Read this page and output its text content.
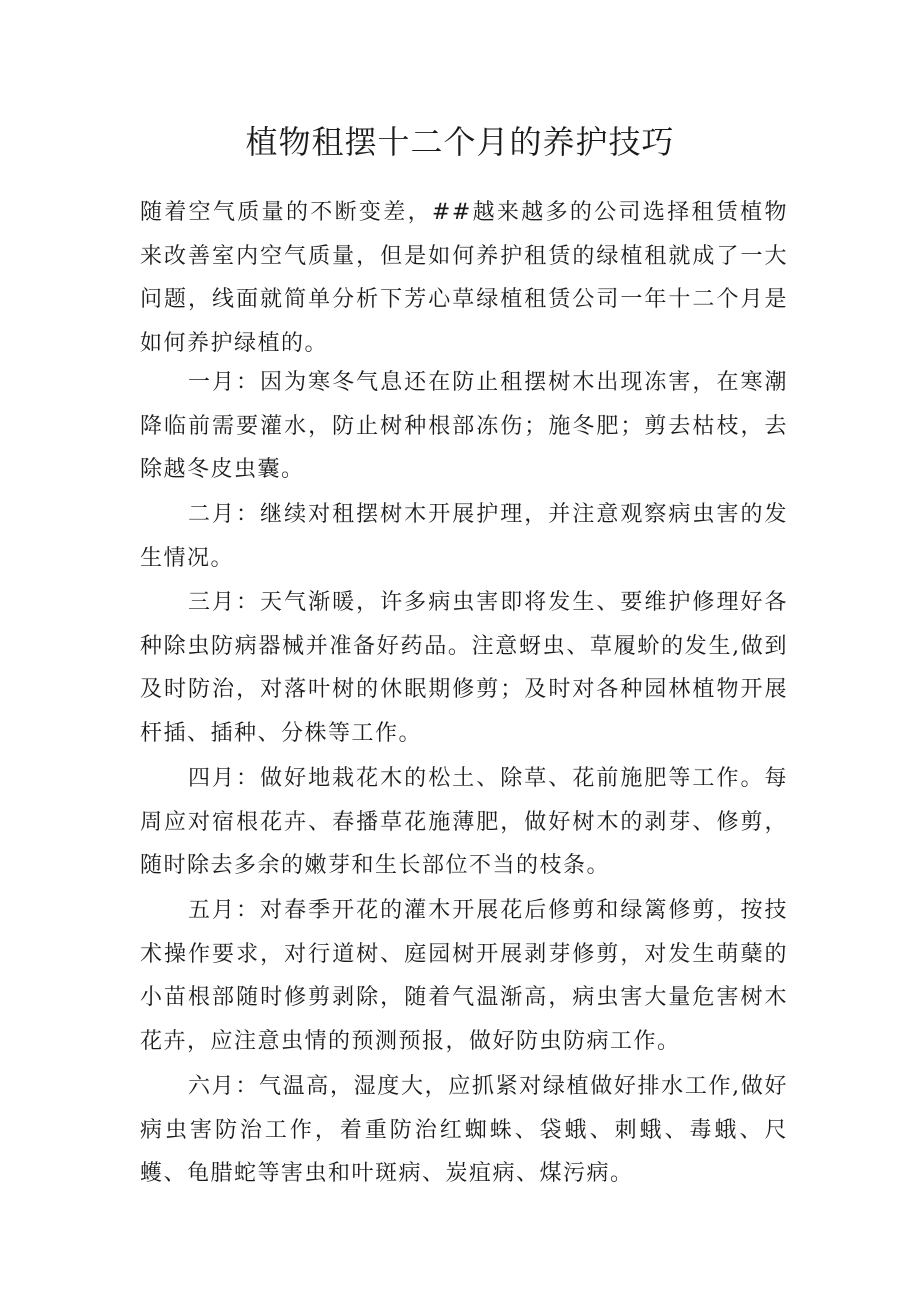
植物租摆十二个月的养护技巧

随着空气质量的不断变差，##越来越多的公司选择租赁植物来改善室内空气质量，但是如何养护租赁的绿植租就成了一大问题，线面就简单分析下芳心草绿植租赁公司一年十二个月是如何养护绿植的。

一月：因为寒冬气息还在防止租摆树木出现冻害，在寒潮降临前需要灌水，防止树种根部冻伤；施冬肥；剪去枯枝，去除越冬皮虫囊。

二月：继续对租摆树木开展护理，并注意观察病虫害的发生情况。

三月：天气渐暖，许多病虫害即将发生、要维护修理好各种除虫防病器械并准备好药品。注意蚜虫、草履蚧的发生,做到及时防治，对落叶树的休眠期修剪；及时对各种园林植物开展杆插、插种、分株等工作。

四月：做好地栽花木的松土、除草、花前施肥等工作。每周应对宿根花卉、春播草花施薄肥，做好树木的剥芽、修剪，随时除去多余的嫩芽和生长部位不当的枝条。

五月：对春季开花的灌木开展花后修剪和绿篱修剪，按技术操作要求，对行道树、庭园树开展剥芽修剪，对发生萌蘖的小苗根部随时修剪剥除，随着气温渐高，病虫害大量危害树木花卉，应注意虫情的预测预报，做好防虫防病工作。

六月：气温高，湿度大，应抓紧对绿植做好排水工作,做好病虫害防治工作，着重防治红蜘蛛、袋蛾、刺蛾、毒蛾、尺蠖、龟腊蛇等害虫和叶斑病、炭疽病、煤污病。
